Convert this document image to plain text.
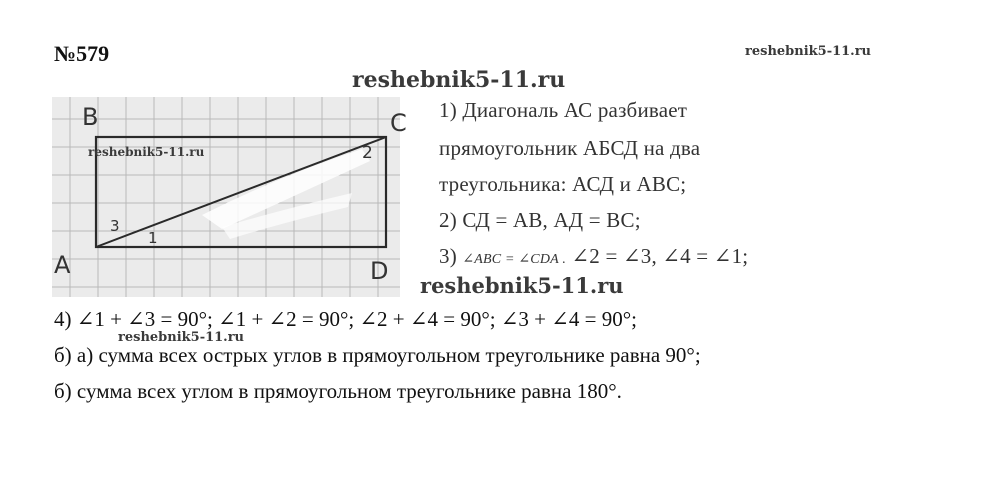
№579	reshebnik5-11.ru
reshebnik5-11.ru
B	C
A	D
1
2
3
reshebnik5-11.ru
1) Диагональ АС разбивает
прямоугольник АБСД на два
треугольника: АСД и АВС;
2) СД = АВ, АД = ВС;
3) ∠ABC = ∠CDA . ∠2 = ∠3, ∠4 = ∠1;
reshebnik5-11.ru
4) ∠1 + ∠3 = 90°; ∠1 + ∠2 = 90°; ∠2 + ∠4 = 90°; ∠3 + ∠4 = 90°;
reshebnik5-11.ru
б) а) сумма всех острых углов в прямоугольном треугольнике равна 90°;
б) сумма всех углом в прямоугольном треугольнике равна 180°.
